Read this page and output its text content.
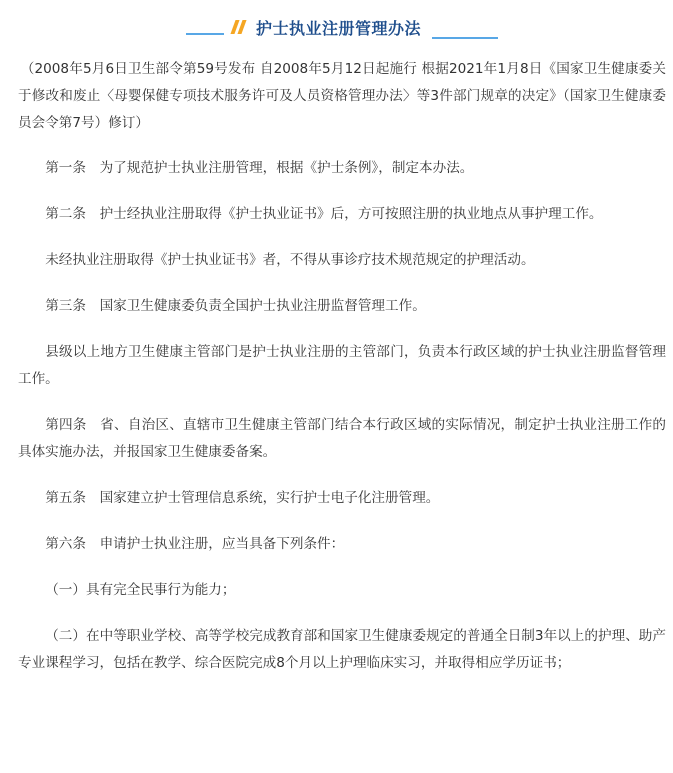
护士执业注册管理办法

（2008年5月6日卫生部令第59号发布 自2008年5月12日起施行 根据2021年1月8日《国家卫生健康委关于修改和废止〈母婴保健专项技术服务许可及人员资格管理办法〉等3件部门规章的决定》（国家卫生健康委员会令第7号）修订）

第一条 为了规范护士执业注册管理，根据《护士条例》，制定本办法。

第二条 护士经执业注册取得《护士执业证书》后，方可按照注册的执业地点从事护理工作。

未经执业注册取得《护士执业证书》者，不得从事诊疗技术规范规定的护理活动。

第三条 国家卫生健康委负责全国护士执业注册监督管理工作。

县级以上地方卫生健康主管部门是护士执业注册的主管部门，负责本行政区域的护士执业注册监督管理工作。

第四条 省、自治区、直辖市卫生健康主管部门结合本行政区域的实际情况，制定护士执业注册工作的具体实施办法，并报国家卫生健康委备案。

第五条 国家建立护士管理信息系统，实行护士电子化注册管理。

第六条 申请护士执业注册，应当具备下列条件：

（一）具有完全民事行为能力；

（二）在中等职业学校、高等学校完成教育部和国家卫生健康委规定的普通全日制3年以上的护理、助产专业课程学习，包括在教学、综合医院完成8个月以上护理临床实习，并取得相应学历证书；
